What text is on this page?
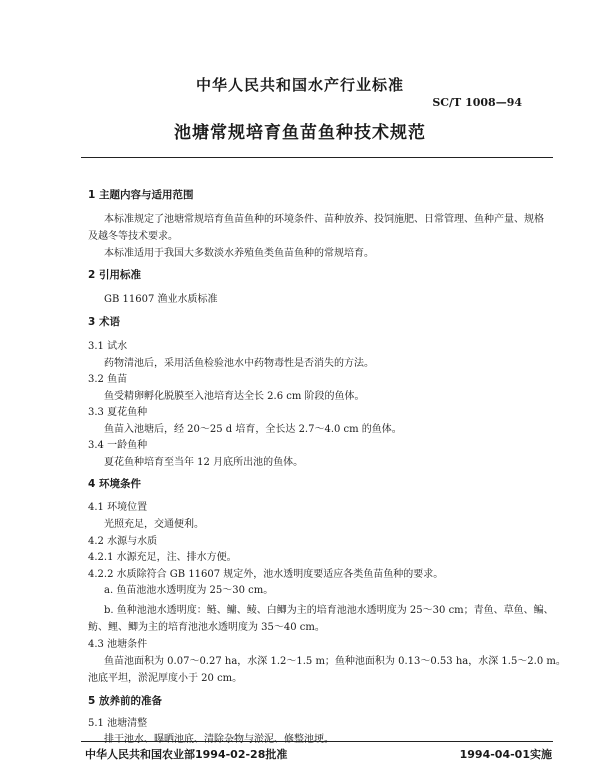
中华人民共和国水产行业标准
SC/T 1008—94
池塘常规培育鱼苗鱼种技术规范
1 主题内容与适用范围
本标准规定了池塘常规培育鱼苗鱼种的环境条件、苗种放养、投饲施肥、日常管理、鱼种产量、规格
及越冬等技术要求。
本标准适用于我国大多数淡水养殖鱼类鱼苗鱼种的常规培育。
2 引用标准
GB 11607 渔业水质标准
3 术语
3.1 试水
药物清池后，采用活鱼检验池水中药物毒性是否消失的方法。
3.2 鱼苗
鱼受精卵孵化脱膜至入池培育达全长 2.6 cm 阶段的鱼体。
3.3 夏花鱼种
鱼苗入池塘后，经 20～25 d 培育，全长达 2.7～4.0 cm 的鱼体。
3.4 一龄鱼种
夏花鱼种培育至当年 12 月底所出池的鱼体。
4 环境条件
4.1 环境位置
光照充足，交通便利。
4.2 水源与水质
4.2.1 水源充足，注、排水方便。
4.2.2 水质除符合 GB 11607 规定外，池水透明度要适应各类鱼苗鱼种的要求。
a. 鱼苗池池水透明度为 25～30 cm。
b. 鱼种池池水透明度：鲢、鳙、鲮、白鲫为主的培育池池水透明度为 25～30 cm；青鱼、草鱼、鳊、
鲂、鲤、鲫为主的培育池池水透明度为 35～40 cm。
4.3 池塘条件
鱼苗池面积为 0.07～0.27 ha，水深 1.2～1.5 m；鱼种池面积为 0.13～0.53 ha，水深 1.5～2.0 m。
池底平坦，淤泥厚度小于 20 cm。
5 放养前的准备
5.1 池塘清整
排干池水、曝晒池底、清除杂物与淤泥、修整池埂。
中华人民共和国农业部1994-02-28批准	1994-04-01实施
